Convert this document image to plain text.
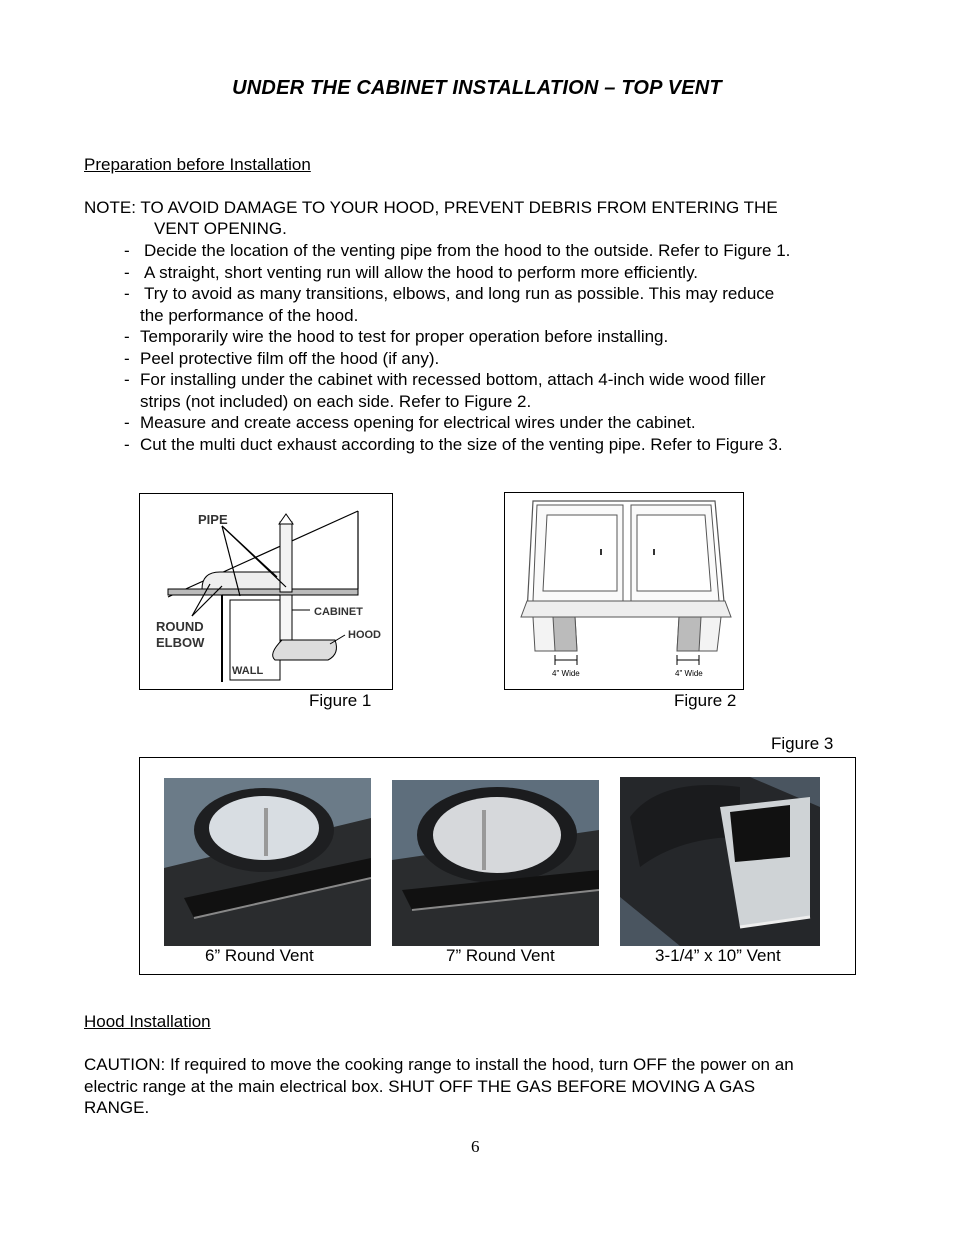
UNDER THE CABINET INSTALLATION – TOP VENT
Preparation before Installation
NOTE: TO AVOID DAMAGE TO YOUR HOOD, PREVENT DEBRIS FROM ENTERING THE
VENT OPENING.
- Decide the location of the venting pipe from the hood to the outside. Refer to Figure 1.
- A straight, short venting run will allow the hood to perform more efficiently.
- Try to avoid as many transitions, elbows, and long run as possible. This may reduce
the performance of the hood.
- Temporarily wire the hood to test for proper operation before installing.
- Peel protective film off the hood (if any).
- For installing under the cabinet with recessed bottom, attach 4-inch wide wood filler
strips (not included) on each side. Refer to Figure 2.
- Measure and create access opening for electrical wires under the cabinet.
- Cut the multi duct exhaust according to the size of the venting pipe. Refer to Figure 3.
PIPE
CABINET
HOOD
ROUND
ELBOW
WALL
Figure 1
4" Wide	4" Wide
Figure 2
Figure 3
6” Round Vent	7” Round Vent	3-1/4” x 10” Vent
Hood Installation
CAUTION: If required to move the cooking range to install the hood, turn OFF the power on an
electric range at the main electrical box. SHUT OFF THE GAS BEFORE MOVING A GAS
RANGE.
6
